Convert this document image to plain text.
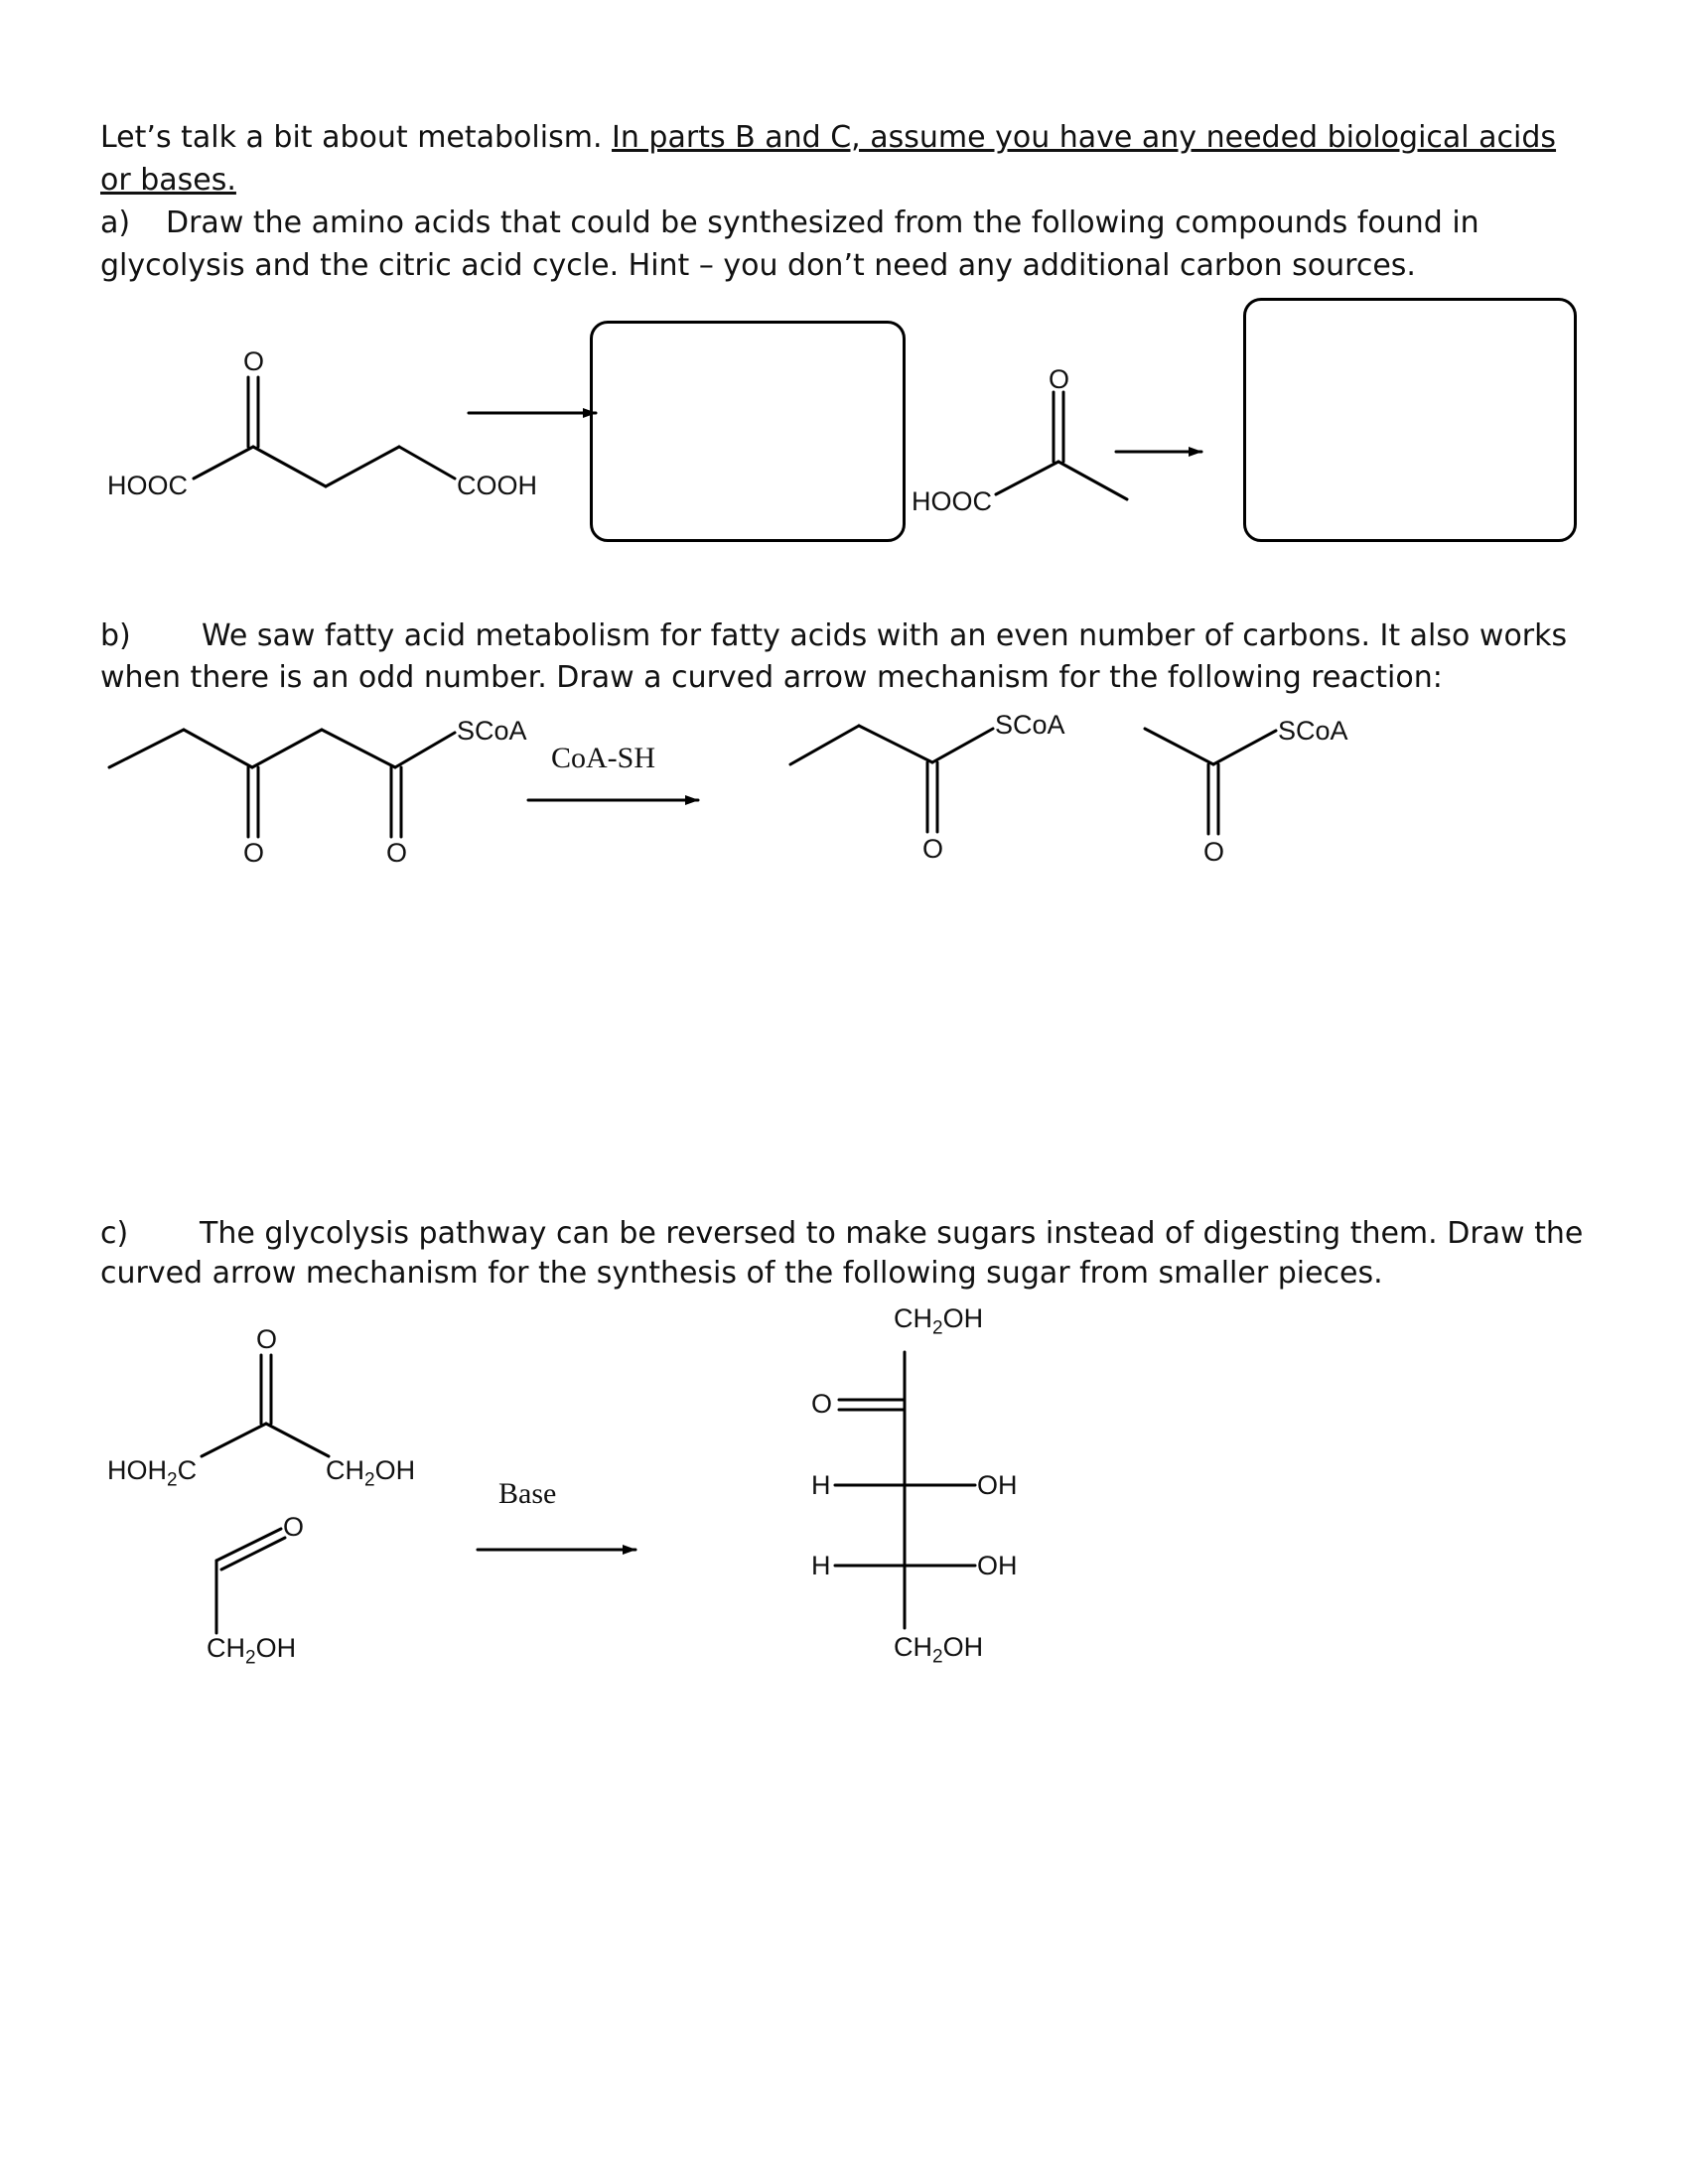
Let’s talk a bit about metabolism. In parts B and C, assume you have any needed biological acids
or bases.
a) Draw the amino acids that could be synthesized from the following compounds found in
glycolysis and the citric acid cycle. Hint – you don’t need any additional carbon sources.
b) We saw fatty acid metabolism for fatty acids with an even number of carbons. It also works
when there is an odd number. Draw a curved arrow mechanism for the following reaction:
c) The glycolysis pathway can be reversed to make sugars instead of digesting them. Draw the
curved arrow mechanism for the synthesis of the following sugar from smaller pieces.
O
HOOC	COOH
O
HOOC
SCoA
O	O
CoA-SH
SCoA
O
SCoA
O
O
$HOH_2C$	$CH_2OH$
O
$CH_2OH$
Base
$CH_2OH$
O
H	OH
H	OH
$CH_2OH$
